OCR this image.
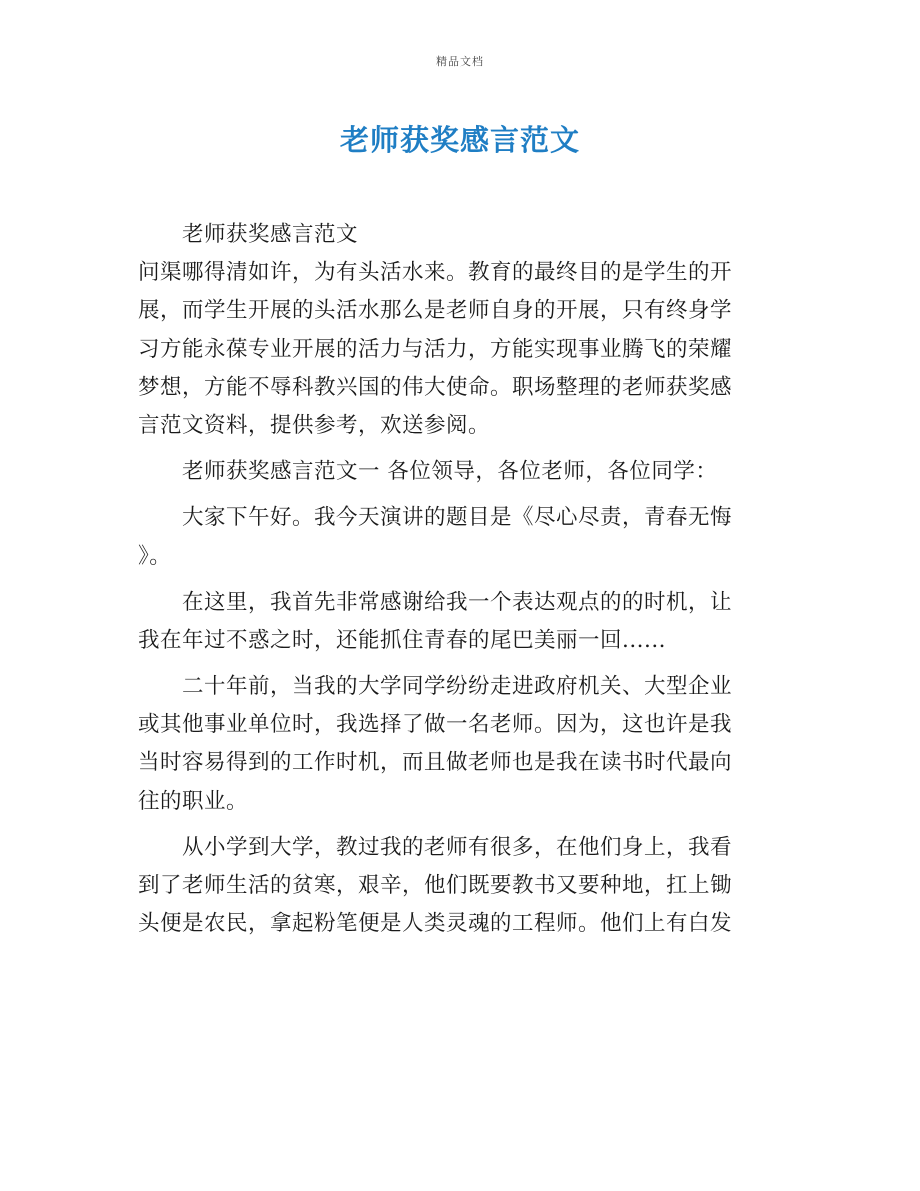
精品文档
老师获奖感言范文
老师获奖感言范文
问渠哪得清如许，为有头活水来。教育的最终目的是学生的开
展，而学生开展的头活水那么是老师自身的开展，只有终身学
习方能永葆专业开展的活力与活力，方能实现事业腾飞的荣耀
梦想，方能不辱科教兴国的伟大使命。职场整理的老师获奖感
言范文资料，提供参考，欢送参阅。
老师获奖感言范文一 各位领导，各位老师，各位同学：
大家下午好。我今天演讲的题目是《尽心尽责，青春无悔
》。
在这里，我首先非常感谢给我一个表达观点的的时机，让
我在年过不惑之时，还能抓住青春的尾巴美丽一回......
二十年前，当我的大学同学纷纷走进政府机关、大型企业
或其他事业单位时，我选择了做一名老师。因为，这也许是我
当时容易得到的工作时机，而且做老师也是我在读书时代最向
往的职业。
从小学到大学，教过我的老师有很多，在他们身上，我看
到了老师生活的贫寒，艰辛，他们既要教书又要种地，扛上锄
头便是农民，拿起粉笔便是人类灵魂的工程师。他们上有白发
